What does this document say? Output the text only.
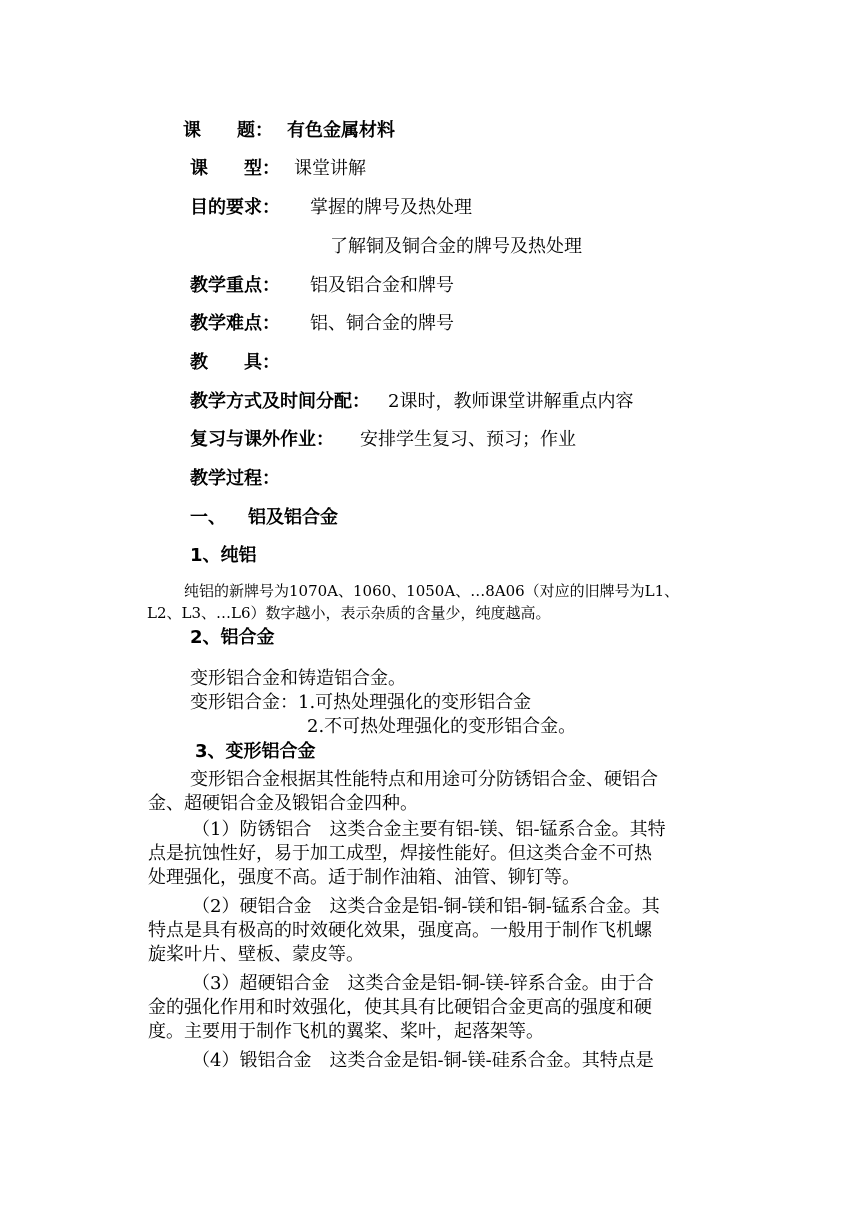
课　　题： 有色金属材料
课　　型： 课堂讲解
目的要求： 掌握的牌号及热处理
了解铜及铜合金的牌号及热处理
教学重点： 铝及铝合金和牌号
教学难点： 铝、铜合金的牌号
教　　具：
教学方式及时间分配： 2课时，教师课堂讲解重点内容
复习与课外作业： 安排学生复习、预习；作业
教学过程：
一、 铝及铝合金
1、纯铝
纯铝的新牌号为1070A、1060、1050A、…8A06（对应的旧牌号为L1、
L2、L3、…L6）数字越小，表示杂质的含量少，纯度越高。
2、铝合金
变形铝合金和铸造铝合金。
变形铝合金：1.可热处理强化的变形铝合金
2.不可热处理强化的变形铝合金。
3、变形铝合金
变形铝合金根据其性能特点和用途可分防锈铝合金、硬铝合
金、超硬铝合金及锻铝合金四种。
（1）防锈铝合　这类合金主要有铝-镁、铝-锰系合金。其特
点是抗蚀性好，易于加工成型，焊接性能好。但这类合金不可热
处理强化，强度不高。适于制作油箱、油管、铆钉等。
（2）硬铝合金　这类合金是铝-铜-镁和铝-铜-锰系合金。其
特点是具有极高的时效硬化效果，强度高。一般用于制作飞机螺
旋桨叶片、壁板、蒙皮等。
（3）超硬铝合金　这类合金是铝-铜-镁-锌系合金。由于合
金的强化作用和时效强化，使其具有比硬铝合金更高的强度和硬
度。主要用于制作飞机的翼桨、桨叶，起落架等。
（4）锻铝合金　这类合金是铝-铜-镁-硅系合金。其特点是
